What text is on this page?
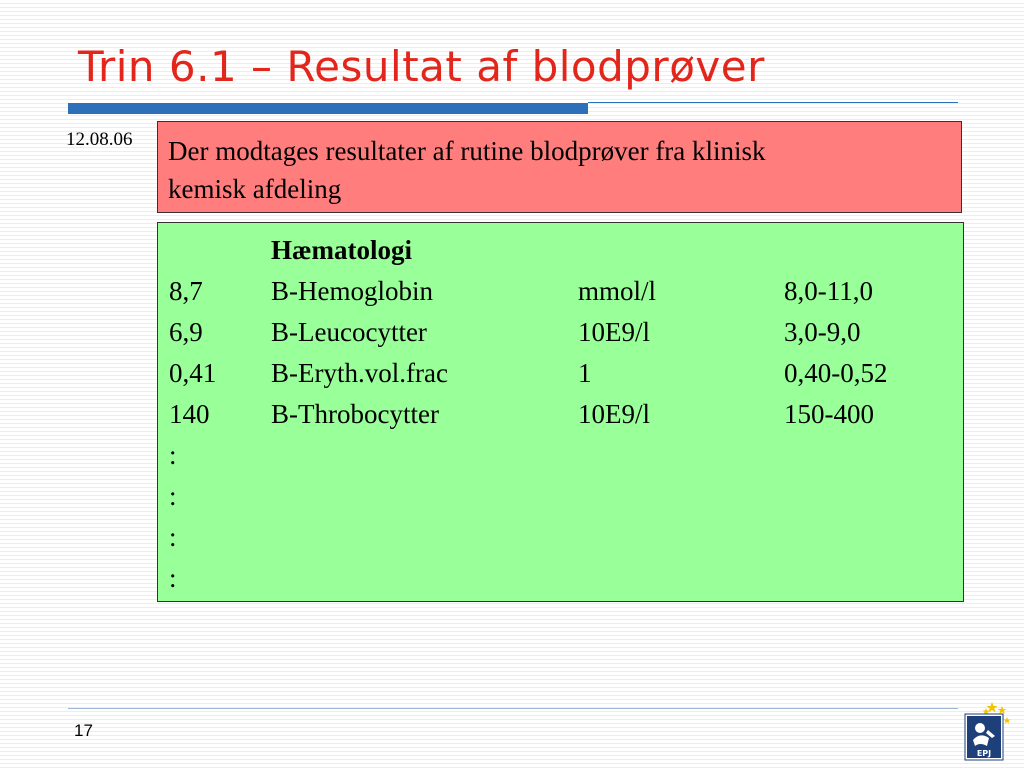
Trin 6.1 – Resultat af blodprøver
12.08.06 Der modtages resultater af rutine blodprøver fra klinisk
kemisk afdeling
Hæmatologi
8,7	B-Hemoglobin	mmol/l	8,0-11,0
6,9	B-Leucocytter	10E9/l	3,0-9,0
0,41 B-Eryth.vol.frac	1	0,40-0,52
140 B-Throbocytter	10E9/l	150-400
:
:
:
:
17
EPJ
